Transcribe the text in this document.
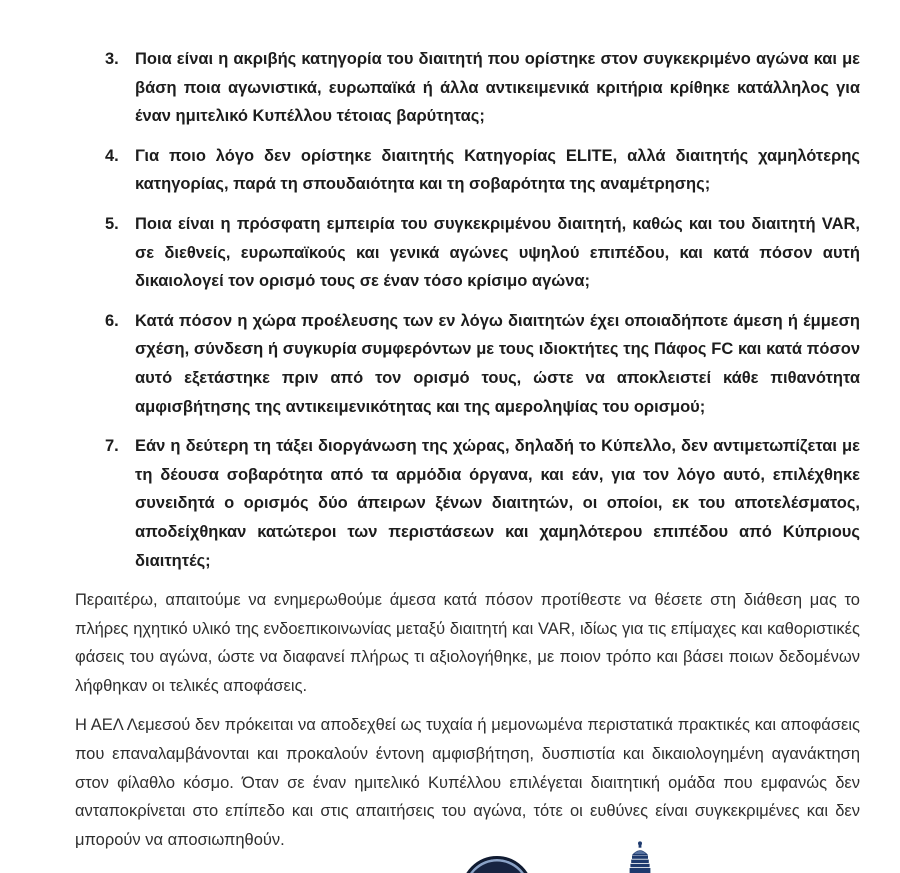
3. Ποια είναι η ακριβής κατηγορία του διαιτητή που ορίστηκε στον συγκεκριμένο αγώνα και με βάση ποια αγωνιστικά, ευρωπαϊκά ή άλλα αντικειμενικά κριτήρια κρίθηκε κατάλληλος για έναν ημιτελικό Κυπέλλου τέτοιας βαρύτητας;
4. Για ποιο λόγο δεν ορίστηκε διαιτητής Κατηγορίας ELITE, αλλά διαιτητής χαμηλότερης κατηγορίας, παρά τη σπουδαιότητα και τη σοβαρότητα της αναμέτρησης;
5. Ποια είναι η πρόσφατη εμπειρία του συγκεκριμένου διαιτητή, καθώς και του διαιτητή VAR, σε διεθνείς, ευρωπαϊκούς και γενικά αγώνες υψηλού επιπέδου, και κατά πόσον αυτή δικαιολογεί τον ορισμό τους σε έναν τόσο κρίσιμο αγώνα;
6. Κατά πόσον η χώρα προέλευσης των εν λόγω διαιτητών έχει οποιαδήποτε άμεση ή έμμεση σχέση, σύνδεση ή συγκυρία συμφερόντων με τους ιδιοκτήτες της Πάφος FC και κατά πόσον αυτό εξετάστηκε πριν από τον ορισμό τους, ώστε να αποκλειστεί κάθε πιθανότητα αμφισβήτησης της αντικειμενικότητας και της αμεροληψίας του ορισμού;
7. Εάν η δεύτερη τη τάξει διοργάνωση της χώρας, δηλαδή το Κύπελλο, δεν αντιμετωπίζεται με τη δέουσα σοβαρότητα από τα αρμόδια όργανα, και εάν, για τον λόγο αυτό, επιλέχθηκε συνειδητά ο ορισμός δύο άπειρων ξένων διαιτητών, οι οποίοι, εκ του αποτελέσματος, αποδείχθηκαν κατώτεροι των περιστάσεων και χαμηλότερου επιπέδου από Κύπριους διαιτητές;

Περαιτέρω, απαιτούμε να ενημερωθούμε άμεσα κατά πόσον προτίθεστε να θέσετε στη διάθεση μας το πλήρες ηχητικό υλικό της ενδοεπικοινωνίας μεταξύ διαιτητή και VAR, ιδίως για τις επίμαχες και καθοριστικές φάσεις του αγώνα, ώστε να διαφανεί πλήρως τι αξιολογήθηκε, με ποιον τρόπο και βάσει ποιων δεδομένων λήφθηκαν οι τελικές αποφάσεις.

Η ΑΕΛ Λεμεσού δεν πρόκειται να αποδεχθεί ως τυχαία ή μεμονωμένα περιστατικά πρακτικές και αποφάσεις που επαναλαμβάνονται και προκαλούν έντονη αμφισβήτηση, δυσπιστία και δικαιολογημένη αγανάκτηση στον φίλαθλο κόσμο. Όταν σε έναν ημιτελικό Κυπέλλου επιλέγεται διαιτητική ομάδα που εμφανώς δεν ανταποκρίνεται στο επίπεδο και στις απαιτήσεις του αγώνα, τότε οι ευθύνες είναι συγκεκριμένες και δεν μπορούν να αποσιωπηθούν.
